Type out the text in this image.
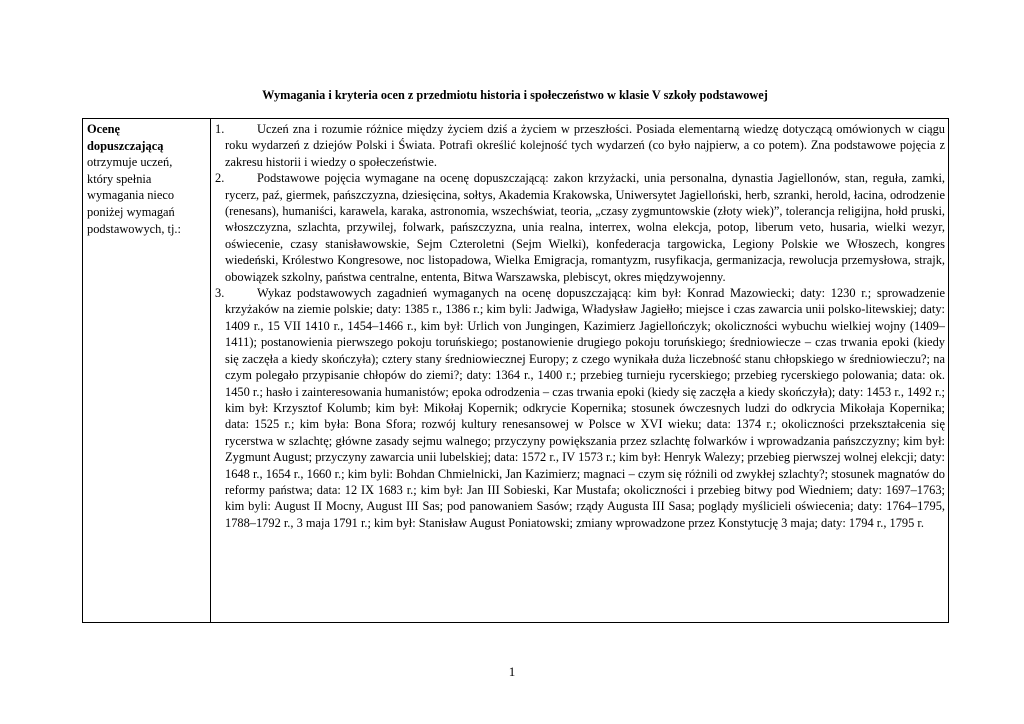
Wymagania i kryteria ocen z przedmiotu historia i społeczeństwo w klasie V szkoły podstawowej
Ocenę
dopuszczającą
otrzymuje uczeń,
który spełnia
wymagania nieco
poniżej wymagań
podstawowych, tj.:
1.	Uczeń zna i rozumie różnice między życiem dziś a życiem w przeszłości. Posiada elementarną wiedzę dotyczącą omówionych w ciągu roku wydarzeń z dziejów Polski i Świata. Potrafi określić kolejność tych wydarzeń (co było najpierw, a co potem). Zna podstawowe pojęcia z zakresu historii i wiedzy o społeczeństwie.
2.	Podstawowe pojęcia wymagane na ocenę dopuszczającą: zakon krzyżacki, unia personalna, dynastia Jagiellonów, stan, reguła, zamki, rycerz, paź, giermek, pańszczyzna, dziesięcina, sołtys, Akademia Krakowska, Uniwersytet Jagielloński, herb, szranki, herold, łacina, odrodzenie (renesans), humaniści, karawela, karaka, astronomia, wszechświat, teoria, „czasy zygmuntowskie (złoty wiek)”, tolerancja religijna, hołd pruski, włoszczyzna, szlachta, przywilej, folwark, pańszczyzna, unia realna, interrex, wolna elekcja, potop, liberum veto, husaria, wielki wezyr, oświecenie, czasy stanisławowskie, Sejm Czteroletni (Sejm Wielki), konfederacja targowicka, Legiony Polskie we Włoszech, kongres wiedeński, Królestwo Kongresowe, noc listopadowa, Wielka Emigracja, romantyzm, rusyfikacja, germanizacja, rewolucja przemysłowa, strajk, obowiązek szkolny, państwa centralne, ententa, Bitwa Warszawska, plebiscyt, okres międzywojenny.
3.	Wykaz podstawowych zagadnień wymaganych na ocenę dopuszczającą: kim był: Konrad Mazowiecki; daty: 1230 r.; sprowadzenie krzyżaków na ziemie polskie; daty: 1385 r., 1386 r.; kim byli: Jadwiga, Władysław Jagiełło; miejsce i czas zawarcia unii polsko-litewskiej; daty: 1409 r., 15 VII 1410 r., 1454–1466 r., kim był: Urlich von Jungingen, Kazimierz Jagiellończyk; okoliczności wybuchu wielkiej wojny (1409–1411); postanowienia pierwszego pokoju toruńskiego; postanowienie drugiego pokoju toruńskiego; średniowiecze – czas trwania epoki (kiedy się zaczęła a kiedy skończyła); cztery stany średniowiecznej Europy; z czego wynikała duża liczebność stanu chłopskiego w średniowieczu?; na czym polegało przypisanie chłopów do ziemi?; daty: 1364 r., 1400 r.; przebieg turnieju rycerskiego; przebieg rycerskiego polowania; data: ok. 1450 r.; hasło i zainteresowania humanistów; epoka odrodzenia – czas trwania epoki (kiedy się zaczęła a kiedy skończyła); daty: 1453 r., 1492 r.; kim był: Krzysztof Kolumb; kim był: Mikołaj Kopernik; odkrycie Kopernika; stosunek ówczesnych ludzi do odkrycia Mikołaja Kopernika; data: 1525 r.; kim była: Bona Sfora; rozwój kultury renesansowej w Polsce w XVI wieku; data: 1374 r.; okoliczności przekształcenia się rycerstwa w szlachtę; główne zasady sejmu walnego; przyczyny powiększania przez szlachtę folwarków i wprowadzania pańszczyzny; kim był: Zygmunt August; przyczyny zawarcia unii lubelskiej; data: 1572 r., IV 1573 r.; kim był: Henryk Walezy; przebieg pierwszej wolnej elekcji; daty: 1648 r., 1654 r., 1660 r.; kim byli: Bohdan Chmielnicki, Jan Kazimierz; magnaci – czym się różnili od zwykłej szlachty?; stosunek magnatów do reformy państwa; data: 12 IX 1683 r.; kim był: Jan III Sobieski, Kar Mustafa; okoliczności i przebieg bitwy pod Wiedniem; daty: 1697–1763; kim byli: August II Mocny, August III Sas; pod panowaniem Sasów; rządy Augusta III Sasa; poglądy myślicieli oświecenia; daty: 1764–1795, 1788–1792 r., 3 maja 1791 r.; kim był: Stanisław August Poniatowski; zmiany wprowadzone przez Konstytucję 3 maja; daty: 1794 r., 1795 r.
1
